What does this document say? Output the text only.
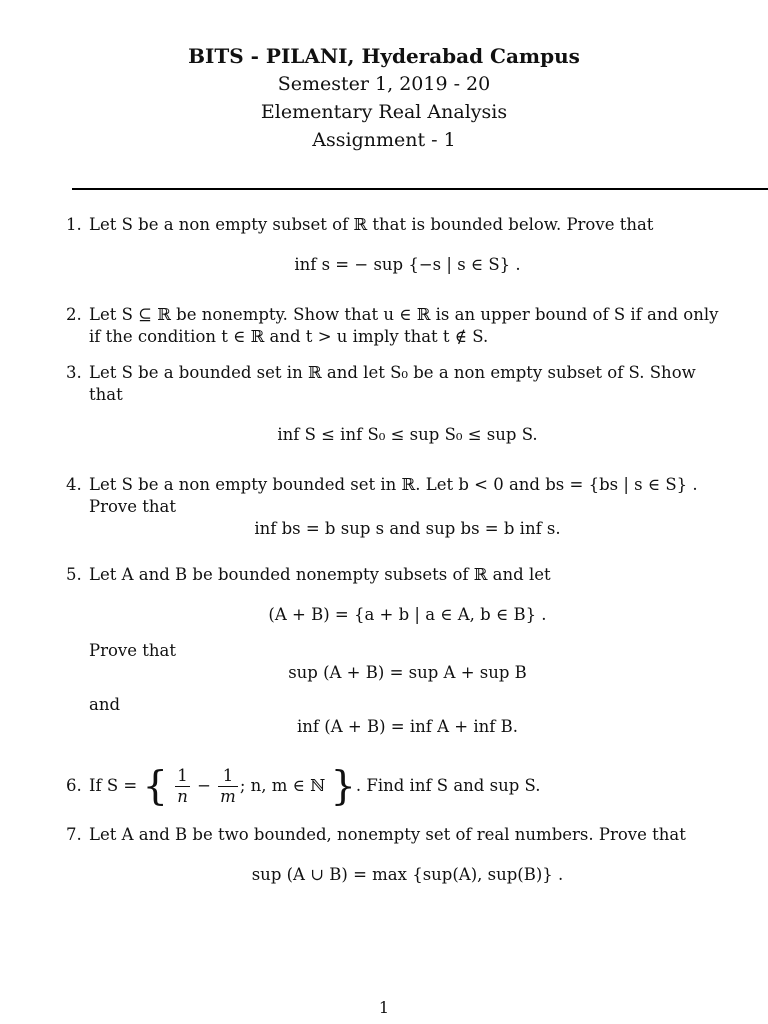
BITS - PILANI, Hyderabad Campus
Semester 1, 2019 - 20
Elementary Real Analysis
Assignment - 1
1. Let S be a non empty subset of ℝ that is bounded below. Prove that

inf s = − sup {−s | s ∈ S} .
2. Let S ⊆ ℝ be nonempty. Show that u ∈ ℝ is an upper bound of S if and only if the condition t ∈ ℝ and t > u imply that t ∉ S.

3. Let S be a bounded set in ℝ and let S₀ be a non empty subset of S. Show that

inf S ≤ inf S₀ ≤ sup S₀ ≤ sup S.
4. Let S be a non empty bounded set in ℝ. Let b < 0 and bs = {bs | s ∈ S} . Prove that

inf bs = b sup s and sup bs = b inf s.
5. Let A and B be bounded nonempty subsets of ℝ and let

(A + B) = {a + b | a ∈ A, b ∈ B} .

Prove that

sup (A + B) = sup A + sup B

and

inf (A + B) = inf A + inf B.
6. If S = { $\frac{1}{n} - \frac{1}{m}$ ; n, m ∈ ℕ }. Find inf S and sup S.
7. Let A and B be two bounded, nonempty set of real numbers. Prove that

sup (A ∪ B) = max {sup(A), sup(B)} .
1
